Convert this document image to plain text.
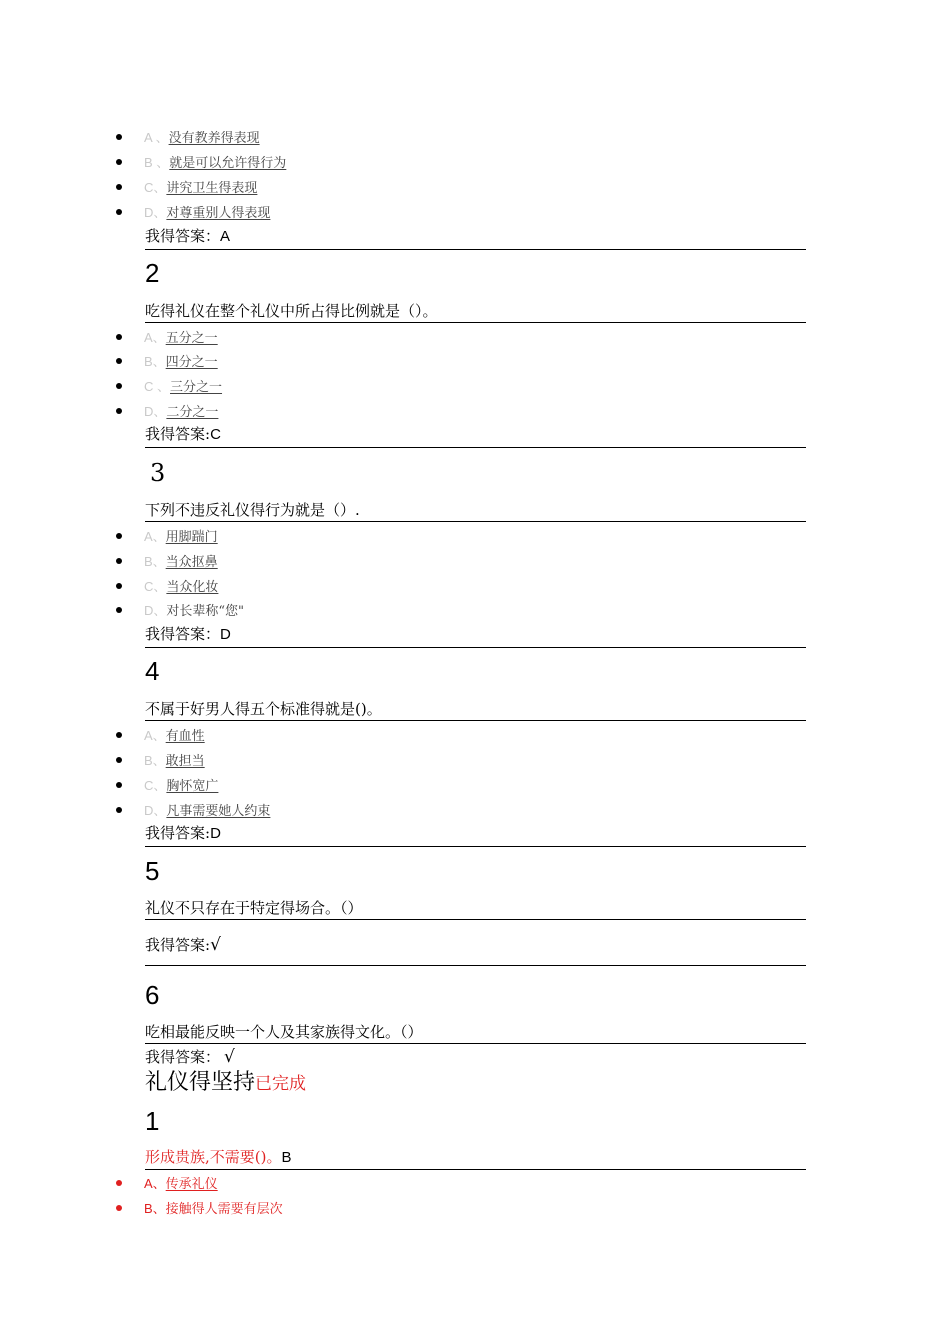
A 、 没有教养得表现
B 、 就是可以允许得行为
C、 讲究卫生得表现
D、 对尊重别人得表现
我得答案：A
2
吃得礼仪在整个礼仪中所占得比例就是（）。
A、 五分之一
B、 四分之一
C 、 三分之一
D、 二分之一
我得答案:C
3
下列不违反礼仪得行为就是（）.
A、 用脚踹门
B、 当众抠鼻
C、 当众化妆
D、 对长辈称“您"
我得答案：D
4
不属于好男人得五个标准得就是()。
A、 有血性
B、 敢担当
C、 胸怀宽广
D、 凡事需要她人约束
我得答案:D
5
礼仪不只存在于特定得场合。（）
我得答案:√
6
吃相最能反映一个人及其家族得文化。（）
我得答案： √
礼仪得坚持已完成
1
形成贵族,不需要()。B
A、 传承礼仪
B、 接触得人需要有层次
